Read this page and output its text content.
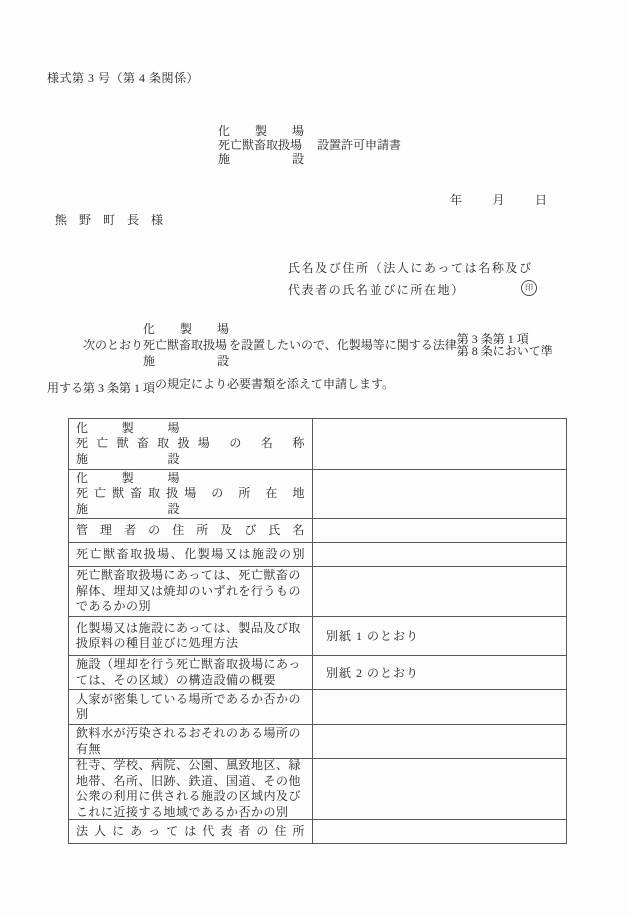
様式第 3 号（第 4 条関係）
化 製 場
死亡獣畜取扱場
施 設
設置許可申請書
年	月	日
熊　野　町　長　様
氏名及び住所（法人にあっては名称及び
代表者の氏名並びに所在地）	印
次のとおり
化 製 場
死亡獣畜取扱場
施 設
を設置したいので、化製場等に関する法律 第 3 条第 1 項
第 8 条において準
用する第 3 条第 1 項 の規定により必要書類を添えて申請します。
化 製 場
死亡獣畜取扱場 の 名 称
施 設
化 製 場
死亡獣畜取扱場 の 所 在 地
施 設
管 理 者 の 住 所 及 び 氏 名
死亡獣畜取扱場、化製場又は施設の別
死亡獣畜取扱場にあっては、死亡獣畜の
解体、埋却又は焼却のいずれを行うもの
であるかの別
化製場又は施設にあっては、製品及び取
扱原料の種目並びに処理方法	別紙 1 のとおり
施設（埋却を行う死亡獣畜取扱場にあっ
ては、その区域）の構造設備の概要	別紙 2 のとおり
人家が密集している場所であるか否かの
別
飲料水が汚染されるおそれのある場所の
有無
社寺、学校、病院、公園、風致地区、緑
地帯、名所、旧跡、鉄道、国道、その他
公衆の利用に供される施設の区域内及び
これに近接する地域であるか否かの別
法 人 に あ っ て は 代 表 者 の 住 所
